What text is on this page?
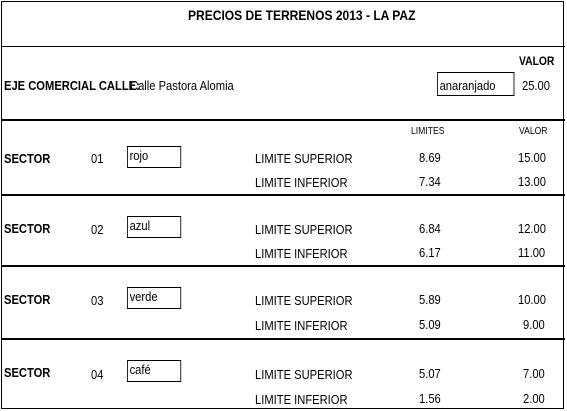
PRECIOS DE TERRENOS 2013 - LA PAZ
VALOR
EJE COMERCIAL CALLE:
Calle Pastora Alomia	anaranjado	25.00
LIMITES	VALOR
SECTOR	01 rojo	LIMITE SUPERIOR	8.69	15.00
LIMITE INFERIOR	7.34	13.00
SECTOR	02 azul	LIMITE SUPERIOR	6.84	12.00
LIMITE INFERIOR	6.17	11.00
SECTOR	03 verde	LIMITE SUPERIOR	5.89	10.00
LIMITE INFERIOR	5.09	9.00
SECTOR	04 café	LIMITE SUPERIOR	5.07	7.00
LIMITE INFERIOR	1.56	2.00
